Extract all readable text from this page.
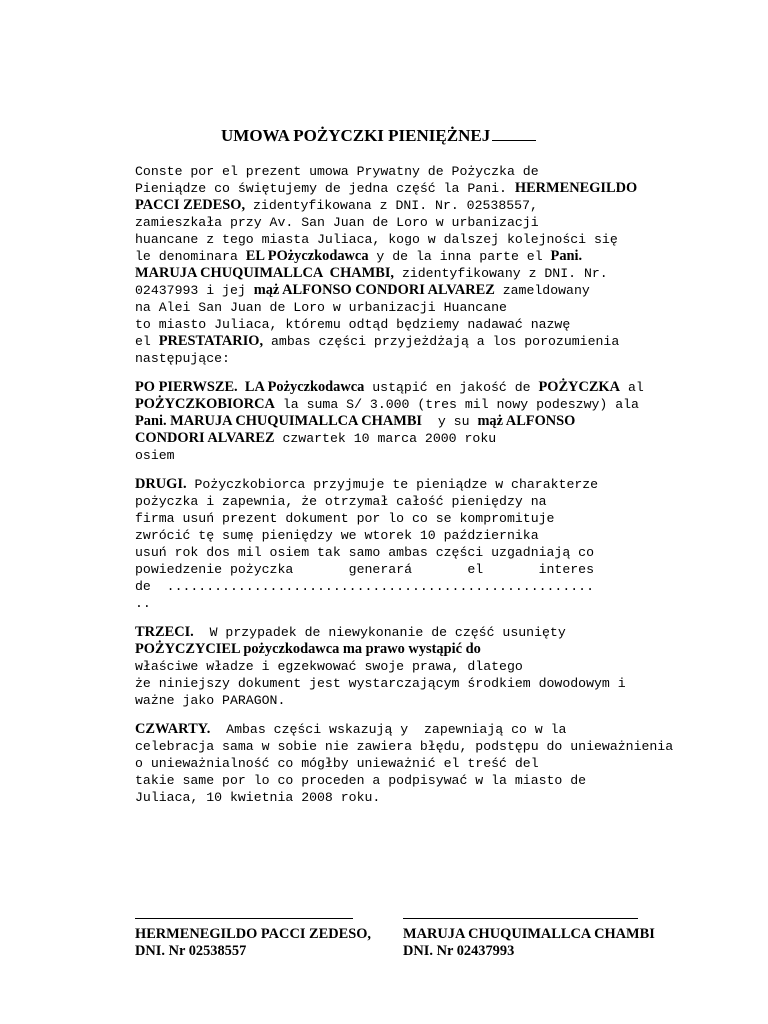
UMOWA POŻYCZKI PIENIĘŻNEJ
Conste por el prezent umowa Prywatny de Pożyczka de
Pieniądze co świętujemy de jedna część la Pani. HERMENEGILDO
PACCI ZEDESO, zidentyfikowana z DNI. Nr. 02538557,
zamieszkała przy Av. San Juan de Loro w urbanizacji
huancane z tego miasta Juliaca, kogo w dalszej kolejności się
le denominara EL POżyczkodawca y de la inna parte el Pani.
MARUJA CHUQUIMALLCA  CHAMBI, zidentyfikowany z DNI. Nr.
02437993 i jej mąż ALFONSO CONDORI ALVAREZ zameldowany
na Alei San Juan de Loro w urbanizacji Huancane
to miasto Juliaca, któremu odtąd będziemy nadawać nazwę
el PRESTATARIO, ambas części przyjeżdżają a los porozumienia
następujące:
PO PIERWSZE.  LA Pożyczkodawca ustąpić en jakość de POŻYCZKA al
POŻYCZKOBIORCA la suma S/ 3.000 (tres mil nowy podeszwy) ala
Pani. MARUJA CHUQUIMALLCA CHAMBI  y su mąż ALFONSO
CONDORI ALVAREZ czwartek 10 marca 2000 roku
osiem
DRUGI. Pożyczkobiorca przyjmuje te pieniądze w charakterze
pożyczka i zapewnia, że otrzymał całość pieniędzy na
firma usuń prezent dokument por lo co se kompromituje
zwrócić tę sumę pieniędzy we wtorek 10 października
usuń rok dos mil osiem tak samo ambas części uzgadniają co
powiedzenie pożyczka       generará       el       interes
de  ......................................................
..
TRZECI.  W przypadek de niewykonanie de część usunięty
POŻYCZYCIEL pożyczkodawca ma prawo wystąpić do
właściwe władze i egzekwować swoje prawa, dlatego
że niniejszy dokument jest wystarczającym środkiem dowodowym i
ważne jako PARAGON.
CZWARTY.  Ambas części wskazują y  zapewniają co w la
celebracja sama w sobie nie zawiera błędu, podstępu do unieważnienia
o unieważnialność co mógłby unieważnić el treść del
takie same por lo co proceden a podpisywać w la miasto de
Juliaca, 10 kwietnia 2008 roku.
HERMENEGILDO PACCI ZEDESO,
DNI. Nr 02538557
MARUJA CHUQUIMALLCA CHAMBI
DNI. Nr 02437993
